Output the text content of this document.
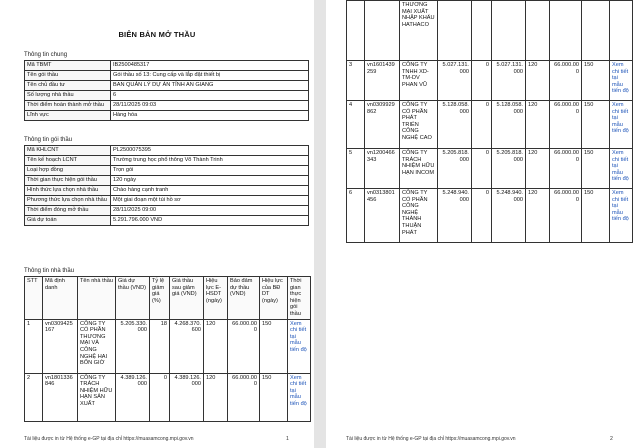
BIÊN BẢN MỞ THẦU
Thông tin chung
Mã TBMT	IB2500485317
Tên gói thầu	Gói thầu số 13: Cung cấp và lắp đặt thiết bị
Tên chủ đầu tư	BAN QUẢN LÝ DỰ ÁN TỈNH AN GIANG
Số lượng nhà thầu	6
Thời điểm hoàn thành mở thầu	28/11/2025 09:03
Lĩnh vực	Hàng hóa
Thông tin gói thầu
Mã KHLCNT	PL2500075395
Tên kế hoạch LCNT	Trường trung học phổ thông Võ Thành Trinh
Loại hợp đồng	Trọn gói
Thời gian thực hiện gói thầu	120 ngày
Hình thức lựa chọn nhà thầu	Chào hàng cạnh tranh
Phương thức lựa chọn nhà thầu	Một giai đoạn một túi hồ sơ
Thời điểm đóng mở thầu	28/11/2025 09:00
Giá dự toán	5.291.796.000 VND
Thông tin nhà thầu
STT	Mã định danh	Tên nhà thầu	Giá dự thầu (VND)	Tỷ lệ giảm giá (%)	Giá thầu sau giảm giá (VND)	Hiệu lực E-HSDT (ngày)	Bảo đảm dự thầu (VND)	Hiệu lực của BĐ DT (ngày)	Thời gian thực hiện gói thầu
1	vn0309425167	CÔNG TY CỔ PHẦN THƯƠNG MẠI VÀ CÔNG NGHỆ HAI BỐN GIỜ	5.205.330.000	18	4.268.370.600	120	66.000.000	150	Xem chi tiết tại mẫu tiến độ
2	vn1801336846	CÔNG TY TRÁCH NHIỆM HỮU HẠN SẢN XUẤT	4.389.126.000	0	4.389.126.000	120	66.000.000	150	Xem chi tiết tại mẫu tiến độ
Tài liệu được in từ Hệ thống e-GP tại địa chỉ https://muasamcong.mpi.gov.vn	1
		THƯƠNG MẠI XUẤT NHẬP KHẨU HATHACO							
3	vn1601439259	CÔNG TY TNHH XD-TM-DV PHAN VŨ	5.027.131.000	0	5.027.131.000	120	66.000.000	150	Xem chi tiết tại mẫu tiến độ
4	vn0309929862	CÔNG TY CỔ PHẦN PHÁT TRIỂN CÔNG NGHỆ CAO	5.128.058.000	0	5.128.058.000	120	66.000.000	150	Xem chi tiết tại mẫu tiến độ
5	vn1200466343	CÔNG TY TRÁCH NHIỆM HỮU HẠN INCOM	5.205.818.000	0	5.205.818.000	120	66.000.000	150	Xem chi tiết tại mẫu tiến độ
6	vn0313801456	CÔNG TY CỔ PHẦN CÔNG NGHỆ THÀNH THUẬN PHÁT	5.248.940.000	0	5.248.940.000	120	66.000.000	150	Xem chi tiết tại mẫu tiến độ
Tài liệu được in từ Hệ thống e-GP tại địa chỉ https://muasamcong.mpi.gov.vn	2
